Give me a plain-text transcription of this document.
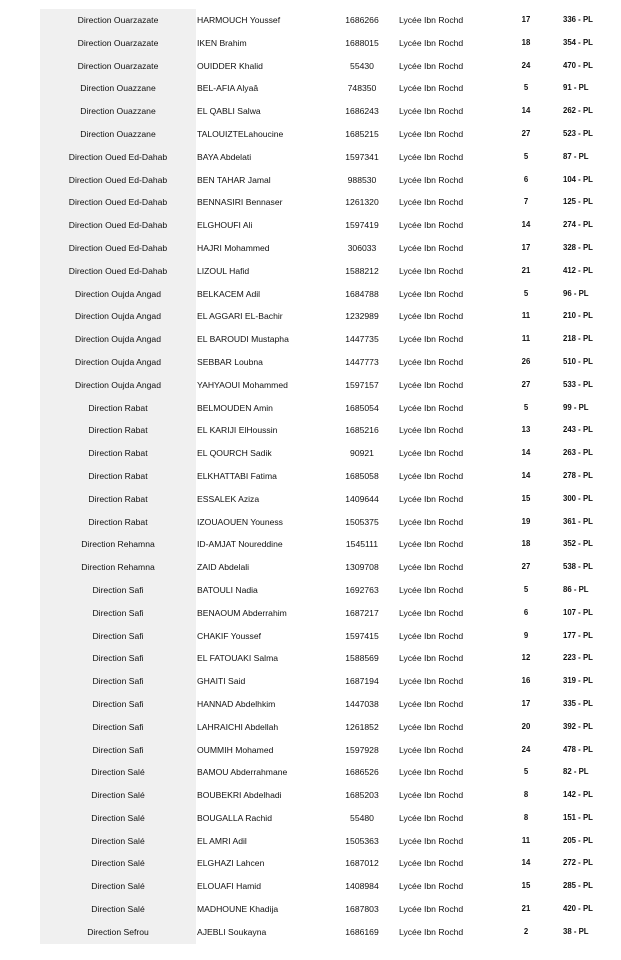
Direction Ouarzazate	HARMOUCH Youssef	1686266	Lycée Ibn Rochd	17	336 - PL
Direction Ouarzazate	IKEN Brahim	1688015	Lycée Ibn Rochd	18	354 - PL
Direction Ouarzazate	OUIDDER Khalid	55430	Lycée Ibn Rochd	24	470 - PL
Direction Ouazzane	BEL-AFIA Alyaâ	748350	Lycée Ibn Rochd	5	91 - PL
Direction Ouazzane	EL QABLI Salwa	1686243	Lycée Ibn Rochd	14	262 - PL
Direction Ouazzane	TALOUIZTELahoucine	1685215	Lycée Ibn Rochd	27	523 - PL
Direction Oued Ed-Dahab	BAYA Abdelati	1597341	Lycée Ibn Rochd	5	87 - PL
Direction Oued Ed-Dahab	BEN TAHAR Jamal	988530	Lycée Ibn Rochd	6	104 - PL
Direction Oued Ed-Dahab	BENNASIRI Bennaser	1261320	Lycée Ibn Rochd	7	125 - PL
Direction Oued Ed-Dahab	ELGHOUFI Ali	1597419	Lycée Ibn Rochd	14	274 - PL
Direction Oued Ed-Dahab	HAJRI Mohammed	306033	Lycée Ibn Rochd	17	328 - PL
Direction Oued Ed-Dahab	LIZOUL Hafid	1588212	Lycée Ibn Rochd	21	412 - PL
Direction Oujda Angad	BELKACEM Adil	1684788	Lycée Ibn Rochd	5	96 - PL
Direction Oujda Angad	EL AGGARI EL-Bachir	1232989	Lycée Ibn Rochd	11	210 - PL
Direction Oujda Angad	EL BAROUDI Mustapha	1447735	Lycée Ibn Rochd	11	218 - PL
Direction Oujda Angad	SEBBAR Loubna	1447773	Lycée Ibn Rochd	26	510 - PL
Direction Oujda Angad	YAHYAOUI Mohammed	1597157	Lycée Ibn Rochd	27	533 - PL
Direction Rabat	BELMOUDEN Amin	1685054	Lycée Ibn Rochd	5	99 - PL
Direction Rabat	EL KARIJI ElHoussin	1685216	Lycée Ibn Rochd	13	243 - PL
Direction Rabat	EL QOURCH Sadik	90921	Lycée Ibn Rochd	14	263 - PL
Direction Rabat	ELKHATTABI Fatima	1685058	Lycée Ibn Rochd	14	278 - PL
Direction Rabat	ESSALEK Aziza	1409644	Lycée Ibn Rochd	15	300 - PL
Direction Rabat	IZOUAOUEN Youness	1505375	Lycée Ibn Rochd	19	361 - PL
Direction Rehamna	ID-AMJAT Noureddine	1545111	Lycée Ibn Rochd	18	352 - PL
Direction Rehamna	ZAID Abdelali	1309708	Lycée Ibn Rochd	27	538 - PL
Direction Safi	BATOULI Nadia	1692763	Lycée Ibn Rochd	5	86 - PL
Direction Safi	BENAOUM Abderrahim	1687217	Lycée Ibn Rochd	6	107 - PL
Direction Safi	CHAKIF Youssef	1597415	Lycée Ibn Rochd	9	177 - PL
Direction Safi	EL FATOUAKI Salma	1588569	Lycée Ibn Rochd	12	223 - PL
Direction Safi	GHAITI Said	1687194	Lycée Ibn Rochd	16	319 - PL
Direction Safi	HANNAD Abdelhkim	1447038	Lycée Ibn Rochd	17	335 - PL
Direction Safi	LAHRAICHI Abdellah	1261852	Lycée Ibn Rochd	20	392 - PL
Direction Safi	OUMMIH Mohamed	1597928	Lycée Ibn Rochd	24	478 - PL
Direction Salé	BAMOU Abderrahmane	1686526	Lycée Ibn Rochd	5	82 - PL
Direction Salé	BOUBEKRI Abdelhadi	1685203	Lycée Ibn Rochd	8	142 - PL
Direction Salé	BOUGALLA Rachid	55480	Lycée Ibn Rochd	8	151 - PL
Direction Salé	EL AMRI Adil	1505363	Lycée Ibn Rochd	11	205 - PL
Direction Salé	ELGHAZI Lahcen	1687012	Lycée Ibn Rochd	14	272 - PL
Direction Salé	ELOUAFI Hamid	1408984	Lycée Ibn Rochd	15	285 - PL
Direction Salé	MADHOUNE Khadija	1687803	Lycée Ibn Rochd	21	420 - PL
Direction Sefrou	AJEBLI Soukayna	1686169	Lycée Ibn Rochd	2	38 - PL
